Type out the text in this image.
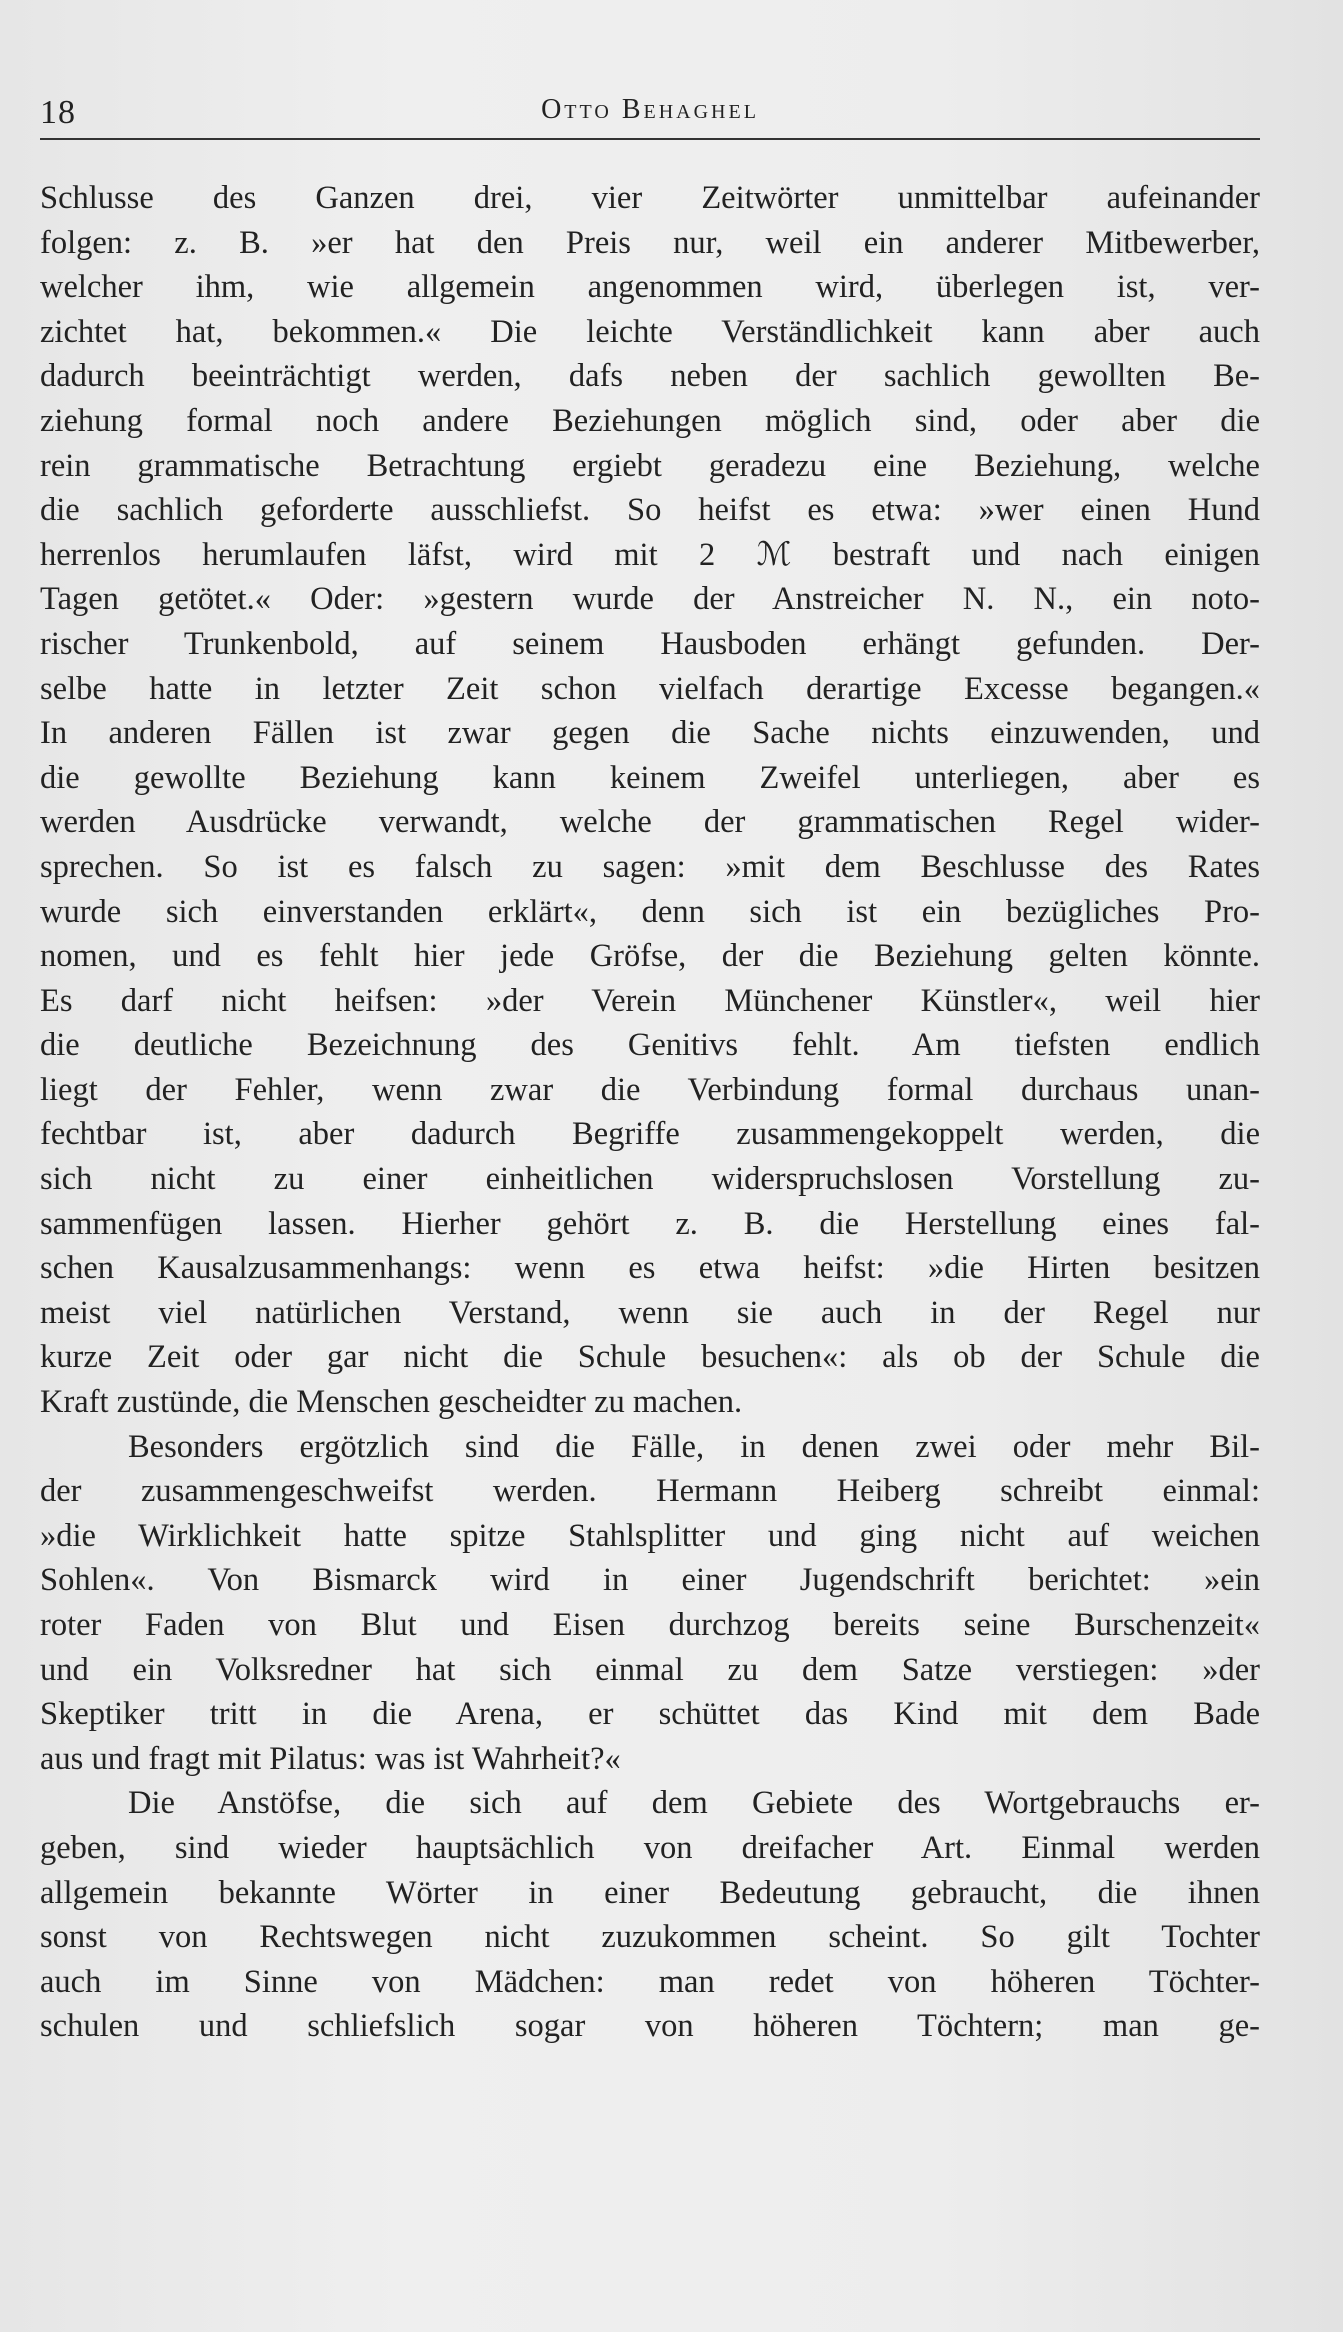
18	Otto Behaghel
Schlusse des Ganzen drei, vier Zeitwörter unmittelbar aufeinander
folgen: z. B. »er hat den Preis nur, weil ein anderer Mitbewerber,
welcher ihm, wie allgemein angenommen wird, überlegen ist, ver-
zichtet hat, bekommen.« Die leichte Verständlichkeit kann aber auch
dadurch beeinträchtigt werden, dafs neben der sachlich gewollten Be-
ziehung formal noch andere Beziehungen möglich sind, oder aber die
rein grammatische Betrachtung ergiebt geradezu eine Beziehung, welche
die sachlich geforderte ausschliefst. So heifst es etwa: »wer einen Hund
herrenlos herumlaufen läfst, wird mit 2 ℳ bestraft und nach einigen
Tagen getötet.« Oder: »gestern wurde der Anstreicher N. N., ein noto-
rischer Trunkenbold, auf seinem Hausboden erhängt gefunden. Der-
selbe hatte in letzter Zeit schon vielfach derartige Excesse begangen.«
In anderen Fällen ist zwar gegen die Sache nichts einzuwenden, und
die gewollte Beziehung kann keinem Zweifel unterliegen, aber es
werden Ausdrücke verwandt, welche der grammatischen Regel wider-
sprechen. So ist es falsch zu sagen: »mit dem Beschlusse des Rates
wurde sich einverstanden erklärt«, denn sich ist ein bezügliches Pro-
nomen, und es fehlt hier jede Gröfse, der die Beziehung gelten könnte.
Es darf nicht heifsen: »der Verein Münchener Künstler«, weil hier
die deutliche Bezeichnung des Genitivs fehlt. Am tiefsten endlich
liegt der Fehler, wenn zwar die Verbindung formal durchaus unan-
fechtbar ist, aber dadurch Begriffe zusammengekoppelt werden, die
sich nicht zu einer einheitlichen widerspruchslosen Vorstellung zu-
sammenfügen lassen. Hierher gehört z. B. die Herstellung eines fal-
schen Kausalzusammenhangs: wenn es etwa heifst: »die Hirten besitzen
meist viel natürlichen Verstand, wenn sie auch in der Regel nur
kurze Zeit oder gar nicht die Schule besuchen«: als ob der Schule die
Kraft zustünde, die Menschen gescheidter zu machen.
Besonders ergötzlich sind die Fälle, in denen zwei oder mehr Bil-
der zusammengeschweifst werden. Hermann Heiberg schreibt einmal:
»die Wirklichkeit hatte spitze Stahlsplitter und ging nicht auf weichen
Sohlen«. Von Bismarck wird in einer Jugendschrift berichtet: »ein
roter Faden von Blut und Eisen durchzog bereits seine Burschenzeit«
und ein Volksredner hat sich einmal zu dem Satze verstiegen: »der
Skeptiker tritt in die Arena, er schüttet das Kind mit dem Bade
aus und fragt mit Pilatus: was ist Wahrheit?«
Die Anstöfse, die sich auf dem Gebiete des Wortgebrauchs er-
geben, sind wieder hauptsächlich von dreifacher Art. Einmal werden
allgemein bekannte Wörter in einer Bedeutung gebraucht, die ihnen
sonst von Rechtswegen nicht zuzukommen scheint. So gilt Tochter
auch im Sinne von Mädchen: man redet von höheren Töchter-
schulen und schliefslich sogar von höheren Töchtern; man ge-
